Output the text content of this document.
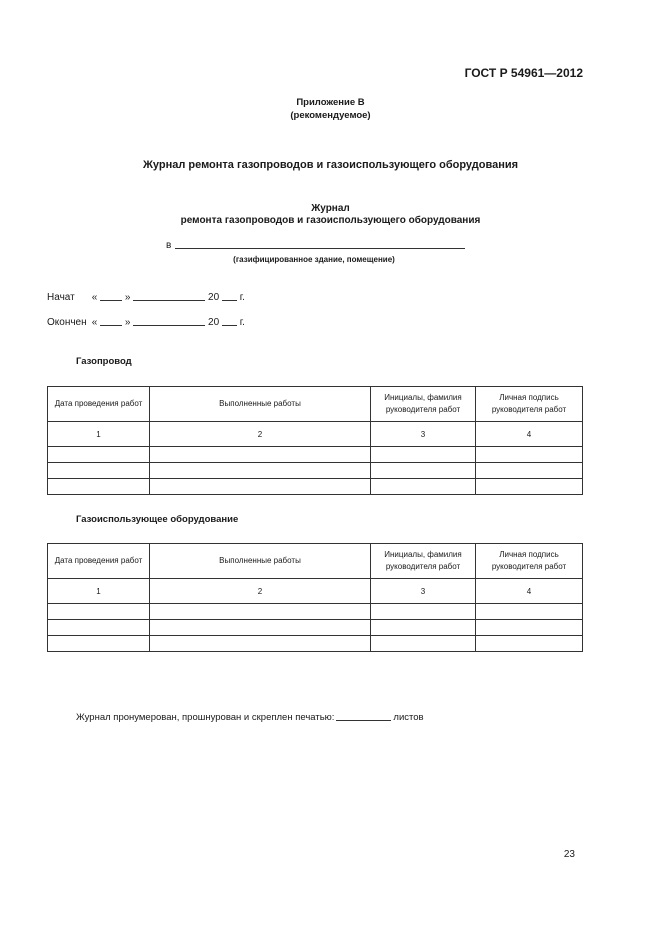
ГОСТ Р 54961—2012
Приложение В
(рекомендуемое)
Журнал ремонта газопроводов и газоиспользующего оборудования
Журнал
ремонта газопроводов и газоиспользующего оборудования
в
(газифицированное здание, помещение)
Начат «	»	20 г.
Окончен «	»	20 г.
Газопровод
Дата проведения работ	Выполненные работы	Инициалы, фамилия руководителя работ	Личная подпись руководителя работ
1	2	3	4

Газоиспользующее оборудование
Дата проведения работ	Выполненные работы	Инициалы, фамилия руководителя работ	Личная подпись руководителя работ
1	2	3	4

Журнал пронумерован, прошнурован и скреплен печатью:	листов
23
